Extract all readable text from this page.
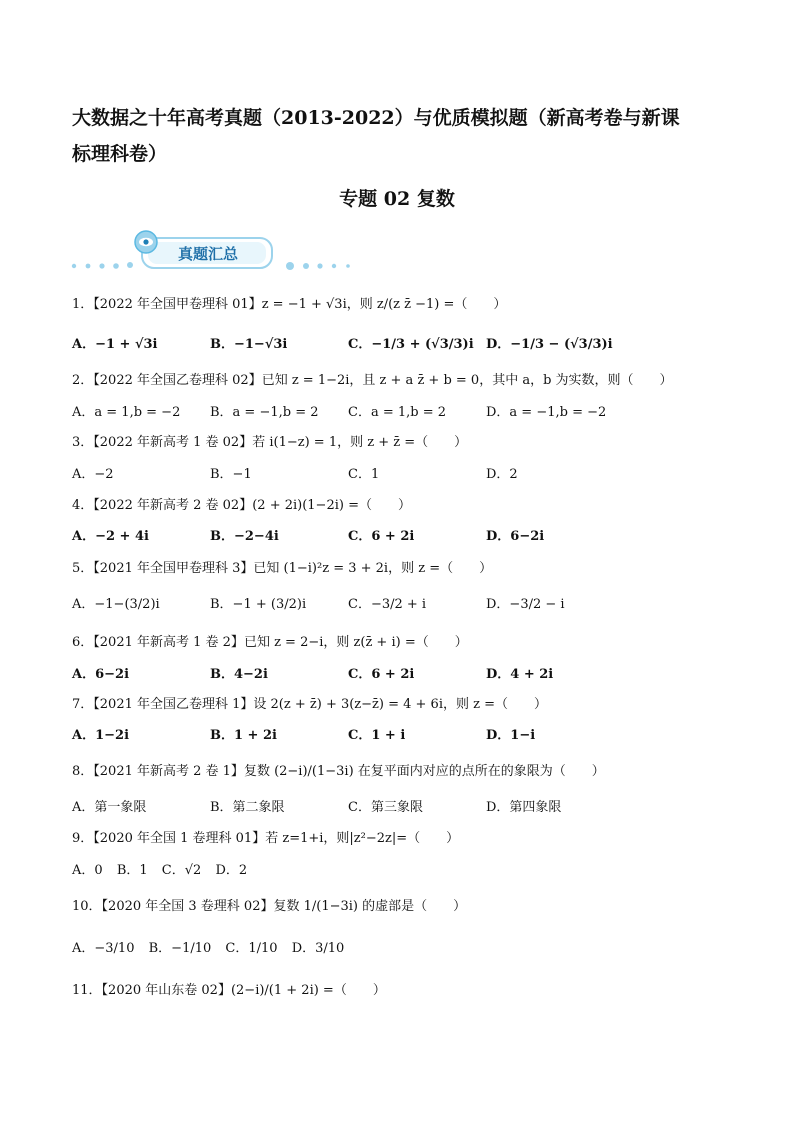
大数据之十年高考真题（2013-2022）与优质模拟题（新高考卷与新课
标理科卷）
专题 02 复数
真题汇总
1．【2022 年全国甲卷理科 01】z = −1 + √3i，则 z/(z z̄ −1) =（　　）
A．−1 + √3i	B．−1−√3i	C．−1/3 + (√3/3)i D．−1/3 − (√3/3)i
2．【2022 年全国乙卷理科 02】已知 z = 1−2i，且 z + a z̄ + b = 0，其中 a，b 为实数，则（　　）
A．a = 1,b = −2 B．a = −1,b = 2 C．a = 1,b = 2	D．a = −1,b = −2
3．【2022 年新高考 1 卷 02】若 i(1−z) = 1，则 z + z̄ =（　　）
A．−2	B．−1	C．1	D．2
4．【2022 年新高考 2 卷 02】(2 + 2i)(1−2i) =（　　）
A．−2 + 4i	B．−2−4i	C．6 + 2i	D．6−2i
5．【2021 年全国甲卷理科 3】已知 (1−i)²z = 3 + 2i，则 z =（　　）
A．−1−(3/2)i	B．−1 + (3/2)i	C．−3/2 + i	D．−3/2 − i
6．【2021 年新高考 1 卷 2】已知 z = 2−i，则 z(z̄ + i) =（　　）
A．6−2i	B．4−2i	C．6 + 2i	D．4 + 2i
7．【2021 年全国乙卷理科 1】设 2(z + z̄) + 3(z−z̄) = 4 + 6i，则 z =（　　）
A．1−2i	B．1 + 2i	C．1 + i	D．1−i
8．【2021 年新高考 2 卷 1】复数 (2−i)/(1−3i) 在复平面内对应的点所在的象限为（　　）
A．第一象限	B．第二象限	C．第三象限	D．第四象限
9．【2020 年全国 1 卷理科 01】若 z=1+i，则|z²−2z|=（　　）
A．0 B．1 C．√2 D．2
10．【2020 年全国 3 卷理科 02】复数 1/(1−3i) 的虚部是（　　）
A．−3/10 B．−1/10 C．1/10 D．3/10
11．【2020 年山东卷 02】(2−i)/(1 + 2i) =（　　）
